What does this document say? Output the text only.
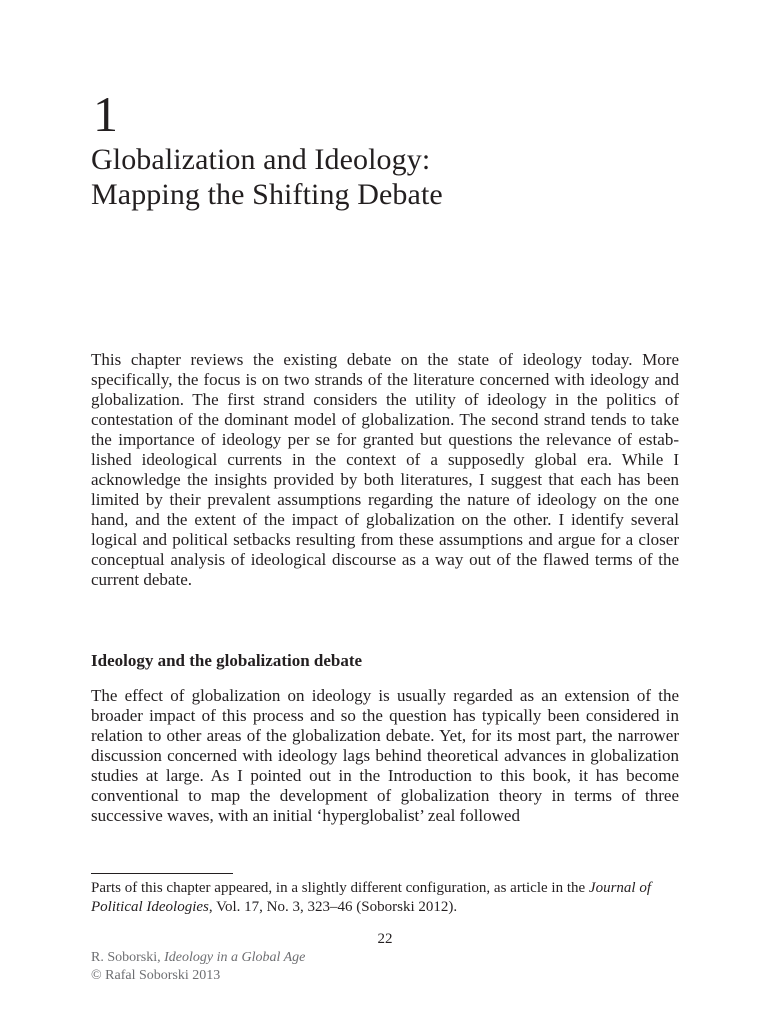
1
Globalization and Ideology:
Mapping the Shifting Debate

This chapter reviews the existing debate on the state of ideology today. More specifically, the focus is on two strands of the literature concerned with ideology and globalization. The first strand considers the utility of ideology in the politics of contestation of the dominant model of globalization. The second strand tends to take the importance of ideology per se for granted but questions the relevance of established ideological currents in the context of a supposedly global era. While I acknowledge the insights provided by both literatures, I suggest that each has been limited by their prevalent assumptions regarding the nature of ideology on the one hand, and the extent of the impact of globalization on the other. I identify several logical and political setbacks resulting from these assumptions and argue for a closer conceptual analysis of ideological discourse as a way out of the flawed terms of the current debate.

Ideology and the globalization debate

The effect of globalization on ideology is usually regarded as an extension of the broader impact of this process and so the question has typically been considered in relation to other areas of the globalization debate. Yet, for its most part, the narrower discussion concerned with ideology lags behind theoretical advances in globalization studies at large. As I pointed out in the Introduction to this book, it has become conventional to map the development of globalization theory in terms of three successive waves, with an initial ‘hyperglobalist’ zeal followed

Parts of this chapter appeared, in a slightly different configuration, as article in the Journal of Political Ideologies, Vol. 17, No. 3, 323–46 (Soborski 2012).

22

R. Soborski, Ideology in a Global Age
© Rafal Soborski 2013
